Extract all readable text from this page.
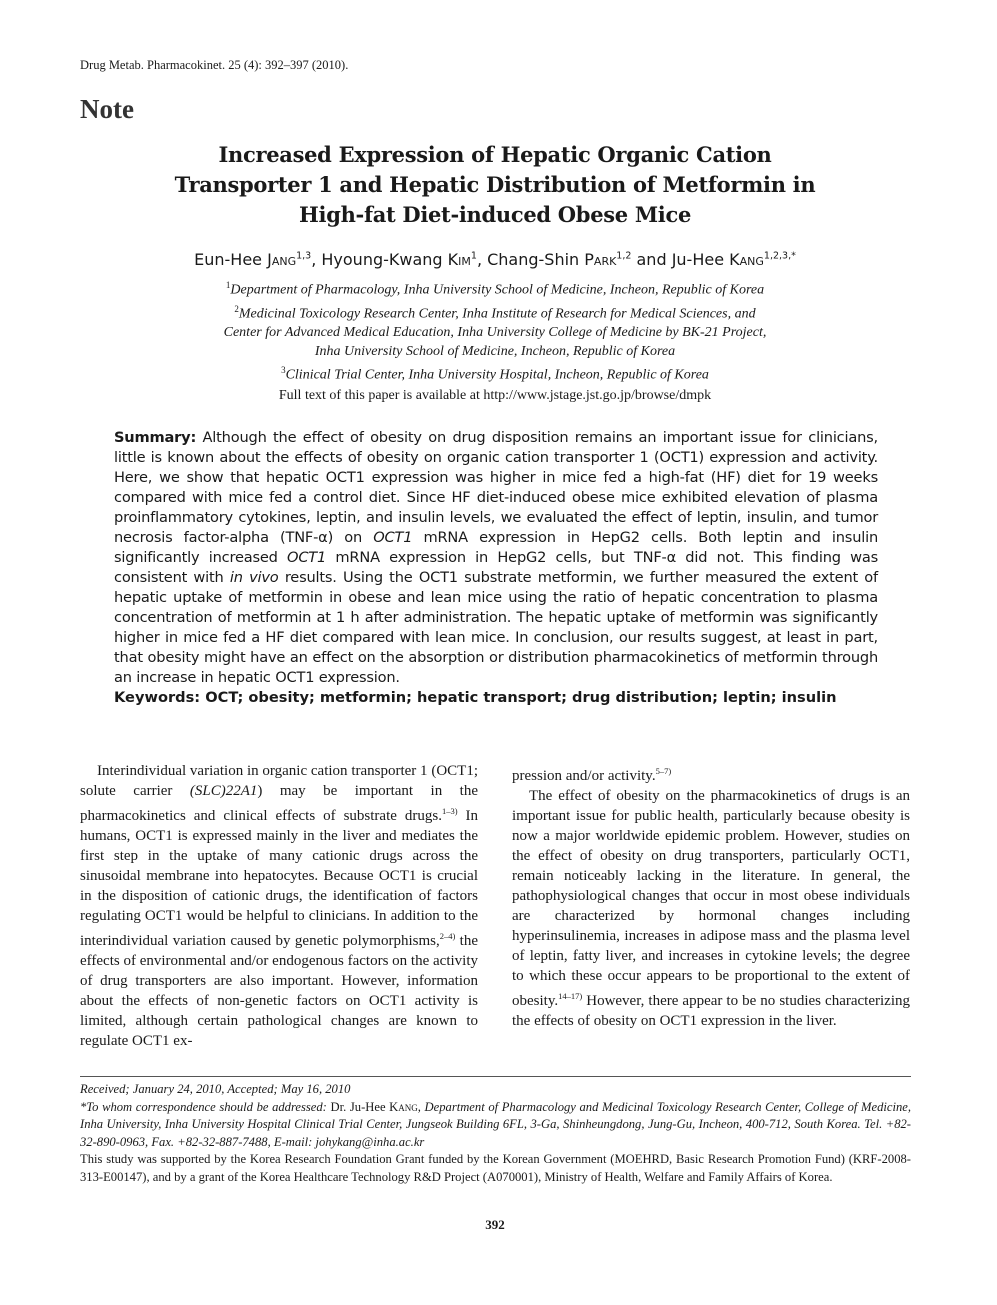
Drug Metab. Pharmacokinet. 25 (4): 392–397 (2010).
Note
Increased Expression of Hepatic Organic Cation
Transporter 1 and Hepatic Distribution of Metformin in
High-fat Diet-induced Obese Mice
Eun-Hee Jang$^{1,3}$, Hyoung-Kwang Kim$^1$, Chang-Shin Park$^{1,2}$ and Ju-Hee Kang$^{1,2,3,*}$
$^1$Department of Pharmacology, Inha University School of Medicine, Incheon, Republic of Korea
$^2$Medicinal Toxicology Research Center, Inha Institute of Research for Medical Sciences, and
Center for Advanced Medical Education, Inha University College of Medicine by BK-21 Project,
Inha University School of Medicine, Incheon, Republic of Korea
$^3$Clinical Trial Center, Inha University Hospital, Incheon, Republic of Korea
Full text of this paper is available at http://www.jstage.jst.go.jp/browse/dmpk
Summary: Although the effect of obesity on drug disposition remains an important issue for clinicians, little is known about the effects of obesity on organic cation transporter 1 (OCT1) expression and activity. Here, we show that hepatic OCT1 expression was higher in mice fed a high-fat (HF) diet for 19 weeks compared with mice fed a control diet. Since HF diet-induced obese mice exhibited elevation of plasma proinflammatory cytokines, leptin, and insulin levels, we evaluated the effect of leptin, insulin, and tumor necrosis factor-alpha (TNF-α) on OCT1 mRNA expression in HepG2 cells. Both leptin and insulin significantly increased OCT1 mRNA expression in HepG2 cells, but TNF-α did not. This finding was consistent with in vivo results. Using the OCT1 substrate metformin, we further measured the extent of hepatic uptake of metformin in obese and lean mice using the ratio of hepatic concentration to plasma concentration of metformin at 1 h after administration. The hepatic uptake of metformin was significantly higher in mice fed a HF diet compared with lean mice. In conclusion, our results suggest, at least in part, that obesity might have an effect on the absorption or distribution pharmacokinetics of metformin through an increase in hepatic OCT1 expression.
Keywords: OCT; obesity; metformin; hepatic transport; drug distribution; leptin; insulin

Interindividual variation in organic cation transporter 1 (OCT1; solute carrier (SLC)22A1) may be important in the pharmacokinetics and clinical effects of substrate drugs.$^{1-3)}$ In humans, OCT1 is expressed mainly in the liver and mediates the first step in the uptake of many cationic drugs across the sinusoidal membrane into hepatocytes. Because OCT1 is crucial in the disposition of cationic drugs, the identification of factors regulating OCT1 would be helpful to clinicians. In addition to the interindividual variation caused by genetic polymorphisms,$^{2-4)}$ the effects of environmental and/or endogenous factors on the activity of drug transporters are also important. However, information about the effects of non-genetic factors on OCT1 activity is limited, although certain pathological changes are known to regulate OCT1 ex-

pression and/or activity.$^{5-7)}$

The effect of obesity on the pharmacokinetics of drugs is an important issue for public health, particularly because obesity is now a major worldwide epidemic problem. However, studies on the effect of obesity on drug transporters, particularly OCT1, remain noticeably lacking in the literature. In general, the pathophysiological changes that occur in most obese individuals are characterized by hormonal changes including hyperinsulinemia, increases in adipose mass and the plasma level of leptin, fatty liver, and increases in cytokine levels; the degree to which these occur appears to be proportional to the extent of obesity.$^{14-17)}$ However, there appear to be no studies characterizing the effects of obesity on OCT1 expression in the liver.

Received; January 24, 2010, Accepted; May 16, 2010

*To whom correspondence should be addressed: Dr. Ju-Hee Kang, Department of Pharmacology and Medicinal Toxicology Research Center, College of Medicine, Inha University, Inha University Hospital Clinical Trial Center, Jungseok Building 6FL, 3-Ga, Shinheungdong, Jung-Gu, Incheon, 400-712, South Korea. Tel. +82-32-890-0963, Fax. +82-32-887-7488, E-mail: johykang@inha.ac.kr

This study was supported by the Korea Research Foundation Grant funded by the Korean Government (MOEHRD, Basic Research Promotion Fund) (KRF-2008-313-E00147), and by a grant of the Korea Healthcare Technology R&D Project (A070001), Ministry of Health, Welfare and Family Affairs of Korea.

392
